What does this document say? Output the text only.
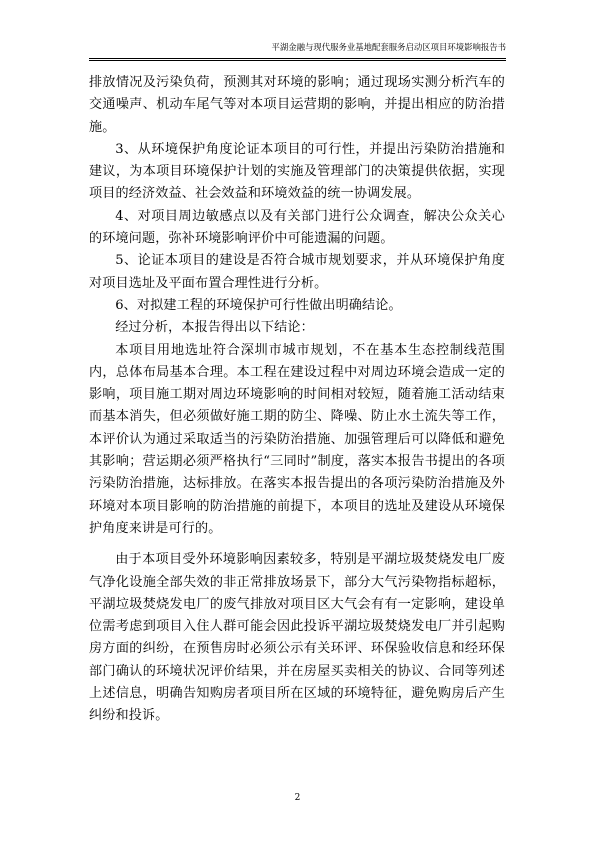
平湖金融与现代服务业基地配套服务启动区项目环境影响报告书

排放情况及污染负荷，预测其对环境的影响；通过现场实测分析汽车的交通噪声、机动车尾气等对本项目运营期的影响，并提出相应的防治措施。

3、从环境保护角度论证本项目的可行性，并提出污染防治措施和建议，为本项目环境保护计划的实施及管理部门的决策提供依据，实现项目的经济效益、社会效益和环境效益的统一协调发展。

4、对项目周边敏感点以及有关部门进行公众调查，解决公众关心的环境问题，弥补环境影响评价中可能遗漏的问题。

5、论证本项目的建设是否符合城市规划要求，并从环境保护角度对项目选址及平面布置合理性进行分析。

6、对拟建工程的环境保护可行性做出明确结论。

经过分析，本报告得出以下结论：

本项目用地选址符合深圳市城市规划，不在基本生态控制线范围内，总体布局基本合理。本工程在建设过程中对周边环境会造成一定的影响，项目施工期对周边环境影响的时间相对较短，随着施工活动结束而基本消失，但必须做好施工期的防尘、降噪、防止水土流失等工作，本评价认为通过采取适当的污染防治措施、加强管理后可以降低和避免其影响；营运期必须严格执行“三同时”制度，落实本报告书提出的各项污染防治措施，达标排放。在落实本报告提出的各项污染防治措施及外环境对本项目影响的防治措施的前提下，本项目的选址及建设从环境保护角度来讲是可行的。

由于本项目受外环境影响因素较多，特别是平湖垃圾焚烧发电厂废气净化设施全部失效的非正常排放场景下，部分大气污染物指标超标，平湖垃圾焚烧发电厂的废气排放对项目区大气会有有一定影响，建设单位需考虑到项目入住人群可能会因此投诉平湖垃圾焚烧发电厂并引起购房方面的纠纷，在预售房时必须公示有关环评、环保验收信息和经环保部门确认的环境状况评价结果，并在房屋买卖相关的协议、合同等列述上述信息，明确告知购房者项目所在区域的环境特征，避免购房后产生纠纷和投诉。

2
